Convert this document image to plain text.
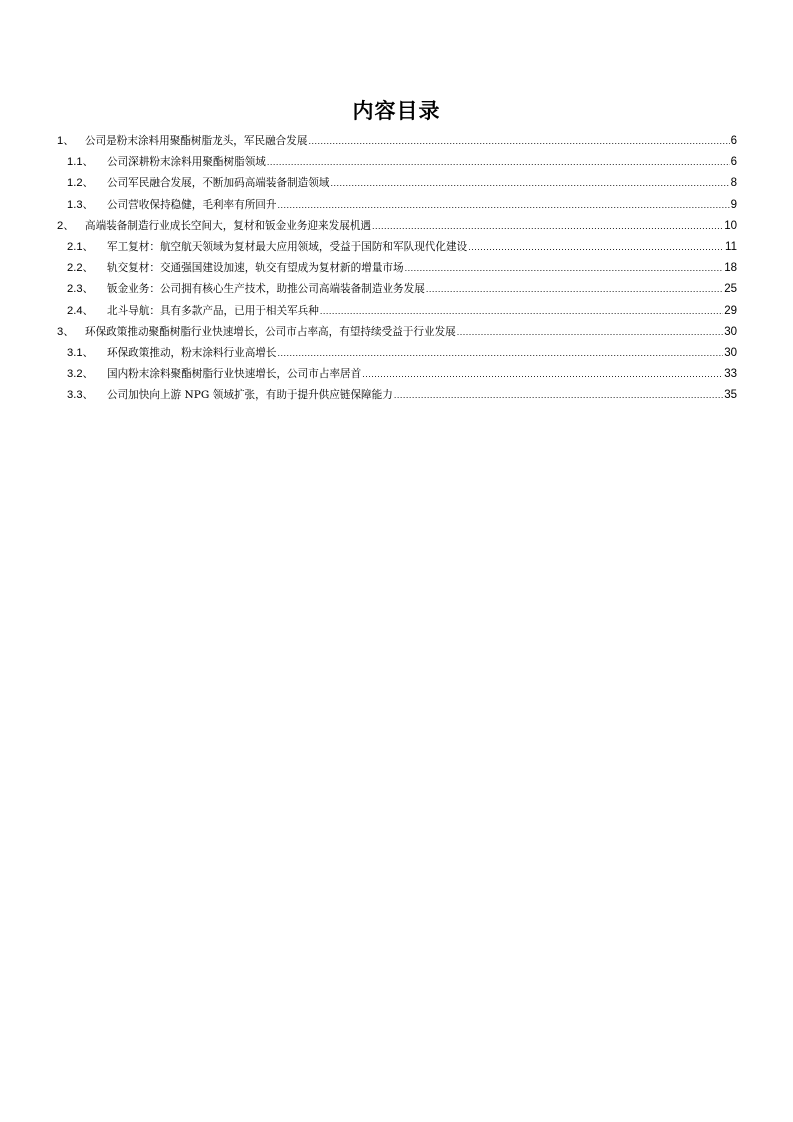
内容目录
1、 公司是粉末涂料用聚酯树脂龙头，军民融合发展 .....	6
1.1、	公司深耕粉末涂料用聚酯树脂领域 .....	6
1.2、	公司军民融合发展，不断加码高端装备制造领域 .....	8
1.3、	公司营收保持稳健，毛利率有所回升 .....	9
2、 高端装备制造行业成长空间大，复材和钣金业务迎来发展机遇 .....	10
2.1、	军工复材：航空航天领域为复材最大应用领域，受益于国防和军队现代化建设 .....	11
2.2、	轨交复材：交通强国建设加速，轨交有望成为复材新的增量市场 .....	18
2.3、	钣金业务：公司拥有核心生产技术，助推公司高端装备制造业务发展 .....	25
2.4、	北斗导航：具有多款产品，已用于相关军兵种 .....	29
3、 环保政策推动聚酯树脂行业快速增长，公司市占率高，有望持续受益于行业发展 .....	30
3.1、	环保政策推动，粉末涂料行业高增长 .....	30
3.2、	国内粉末涂料聚酯树脂行业快速增长，公司市占率居首 .....	33
3.3、	公司加快向上游 NPG 领域扩张，有助于提升供应链保障能力 .....	35
